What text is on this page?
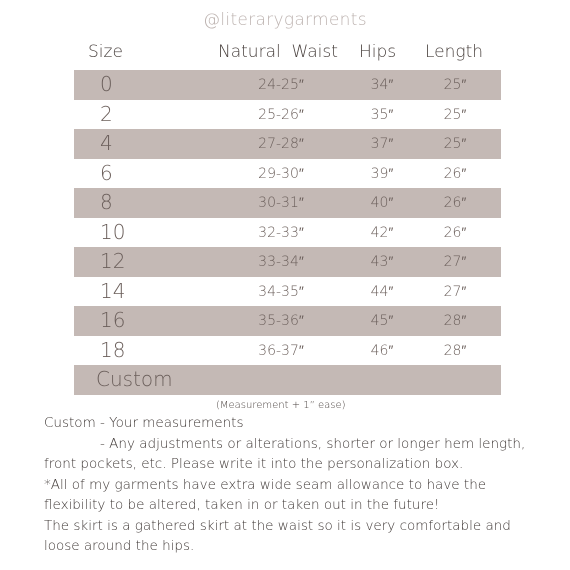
@literarygarments
Size	Natural  Waist Hips Length
0	24-25″	34″	25″
2	25-26″	35″	25″
4	27-28″	37″	25″
6	29-30″	39″	26″
8	30-31″	40″	26″
10	32-33″	42″	26″
12	33-34″	43″	27″
14	34-35″	44″	27″
16	35-36″	45″	28″
18	36-37″	46″	28″
Custom
(Measurement + 1” ease)
Custom - Your measurements
- Any adjustments or alterations, shorter or longer hem length,
front pockets, etc. Please write it into the personalization box.
*All of my garments have extra wide seam allowance to have the
flexibility to be altered, taken in or taken out in the future!
The skirt is a gathered skirt at the waist so it is very comfortable and
loose around the hips.
